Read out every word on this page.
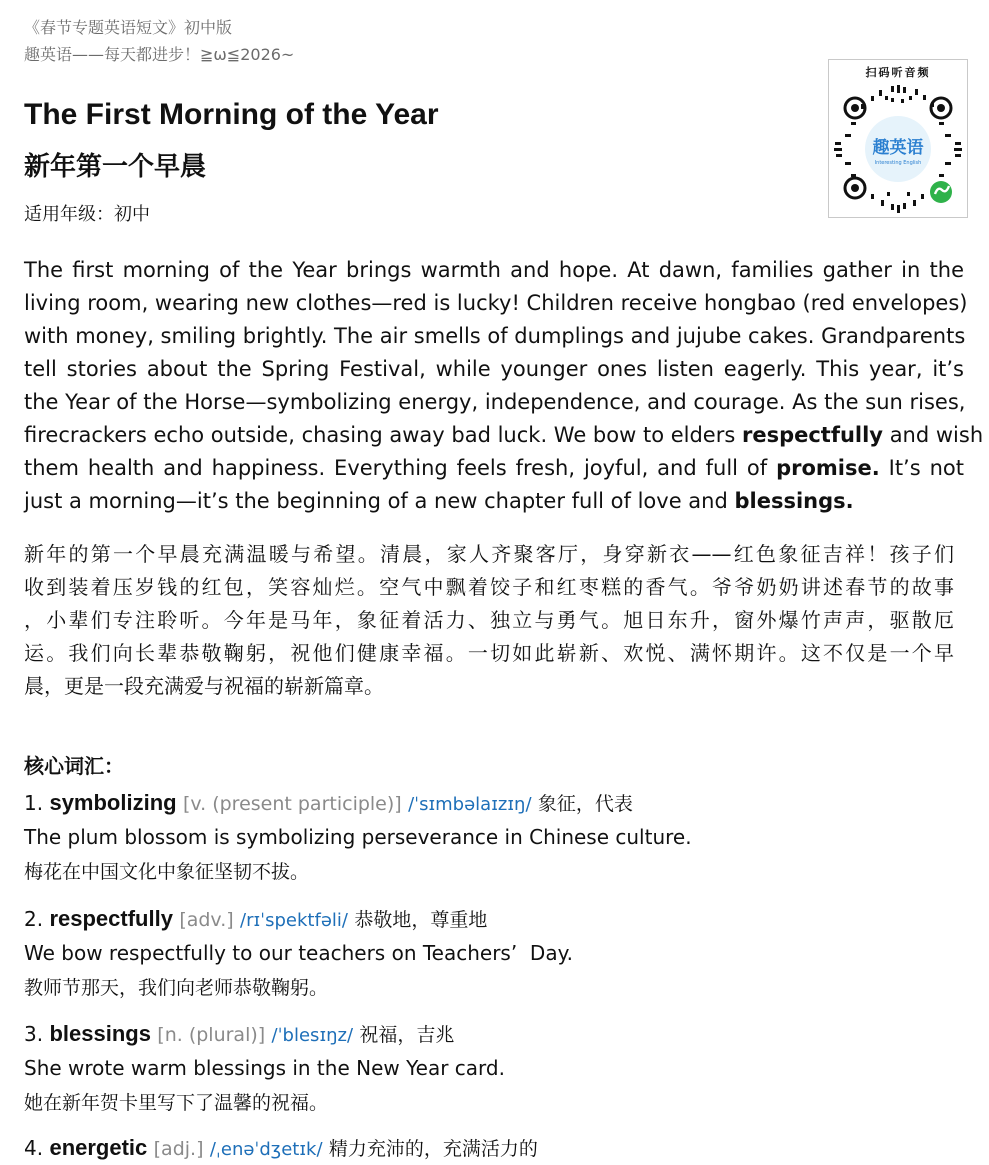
《春节专题英语短文》初中版
趣英语——每天都进步！≧ω≦2026~
扫码听音频
趣英语
Interesting English
The First Morning of the Year
新年第一个早晨
适用年级：初中
The first morning of the Year brings warmth and hope. At dawn, families gather in the
living room, wearing new clothes—red is lucky! Children receive hongbao (red envelopes)
with money, smiling brightly. The air smells of dumplings and jujube cakes. Grandparents
tell stories about the Spring Festival, while younger ones listen eagerly. This year, it’s
the Year of the Horse—symbolizing energy, independence, and courage. As the sun rises,
firecrackers echo outside, chasing away bad luck. We bow to elders respectfully and wish
them health and happiness. Everything feels fresh, joyful, and full of promise. It’s not
just a morning—it’s the beginning of a new chapter full of love and blessings.
新年的第一个早晨充满温暖与希望。清晨，家人齐聚客厅，身穿新衣——红色象征吉祥！孩子们
收到装着压岁钱的红包，笑容灿烂。空气中飘着饺子和红枣糕的香气。爷爷奶奶讲述春节的故事
，小辈们专注聆听。今年是马年，象征着活力、独立与勇气。旭日东升，窗外爆竹声声，驱散厄
运。我们向长辈恭敬鞠躬，祝他们健康幸福。一切如此崭新、欢悦、满怀期许。这不仅是一个早
晨，更是一段充满爱与祝福的崭新篇章。
核心词汇：
1. symbolizing [v. (present participle)] /ˈsɪmbəlaɪzɪŋ/ 象征，代表
The plum blossom is symbolizing perseverance in Chinese culture.
梅花在中国文化中象征坚韧不拔。
2. respectfully [adv.] /rɪˈspektfəli/ 恭敬地，尊重地
We bow respectfully to our teachers on Teachers’  Day.
教师节那天，我们向老师恭敬鞠躬。
3. blessings [n. (plural)] /ˈblesɪŋz/ 祝福，吉兆
She wrote warm blessings in the New Year card.
她在新年贺卡里写下了温馨的祝福。
4. energetic [adj.] /ˌenəˈdʒetɪk/ 精力充沛的，充满活力的
